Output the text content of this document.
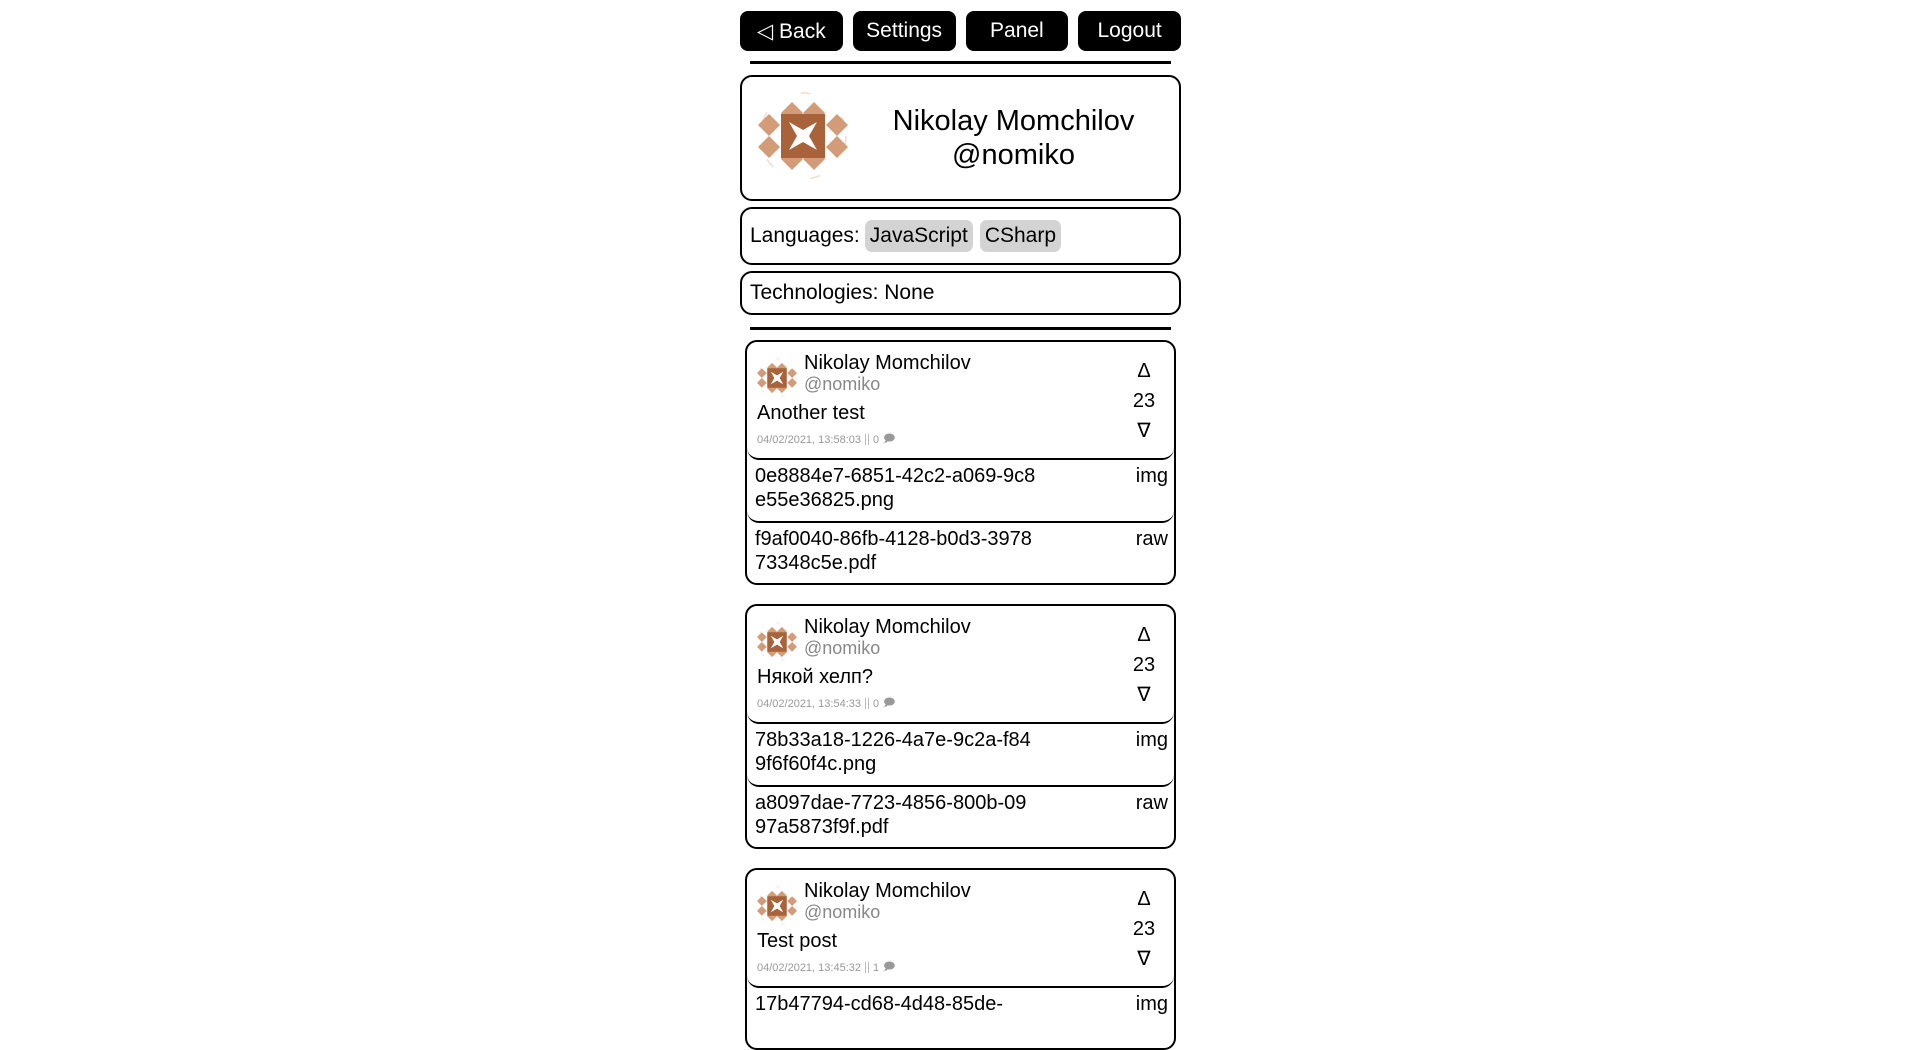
◁ Back	Settings	Panel	Logout
Nikolay Momchilov
@nomiko
Languages: JavaScript CSharp
Technologies: None
Nikolay Momchilov
@nomiko
Another test
04/02/2021, 13:58:03 0 🗩
Δ
23
∇
0e8884e7-6851-42c2-a069-9c8e55e36825.png
img
f9af0040-86fb-4128-b0d3-397873348c5e.pdf
raw
Nikolay Momchilov
@nomiko
Някой хелп?
04/02/2021, 13:54:33 0 🗩
Δ
23
∇
78b33a18-1226-4a7e-9c2a-f849f6f60f4c.png
img
a8097dae-7723-4856-800b-0997a5873f9f.pdf
raw
Nikolay Momchilov
@nomiko
Test post
04/02/2021, 13:45:32 1 🗩
Δ
23
∇
17b47794-cd68-4d48-85de-	img
